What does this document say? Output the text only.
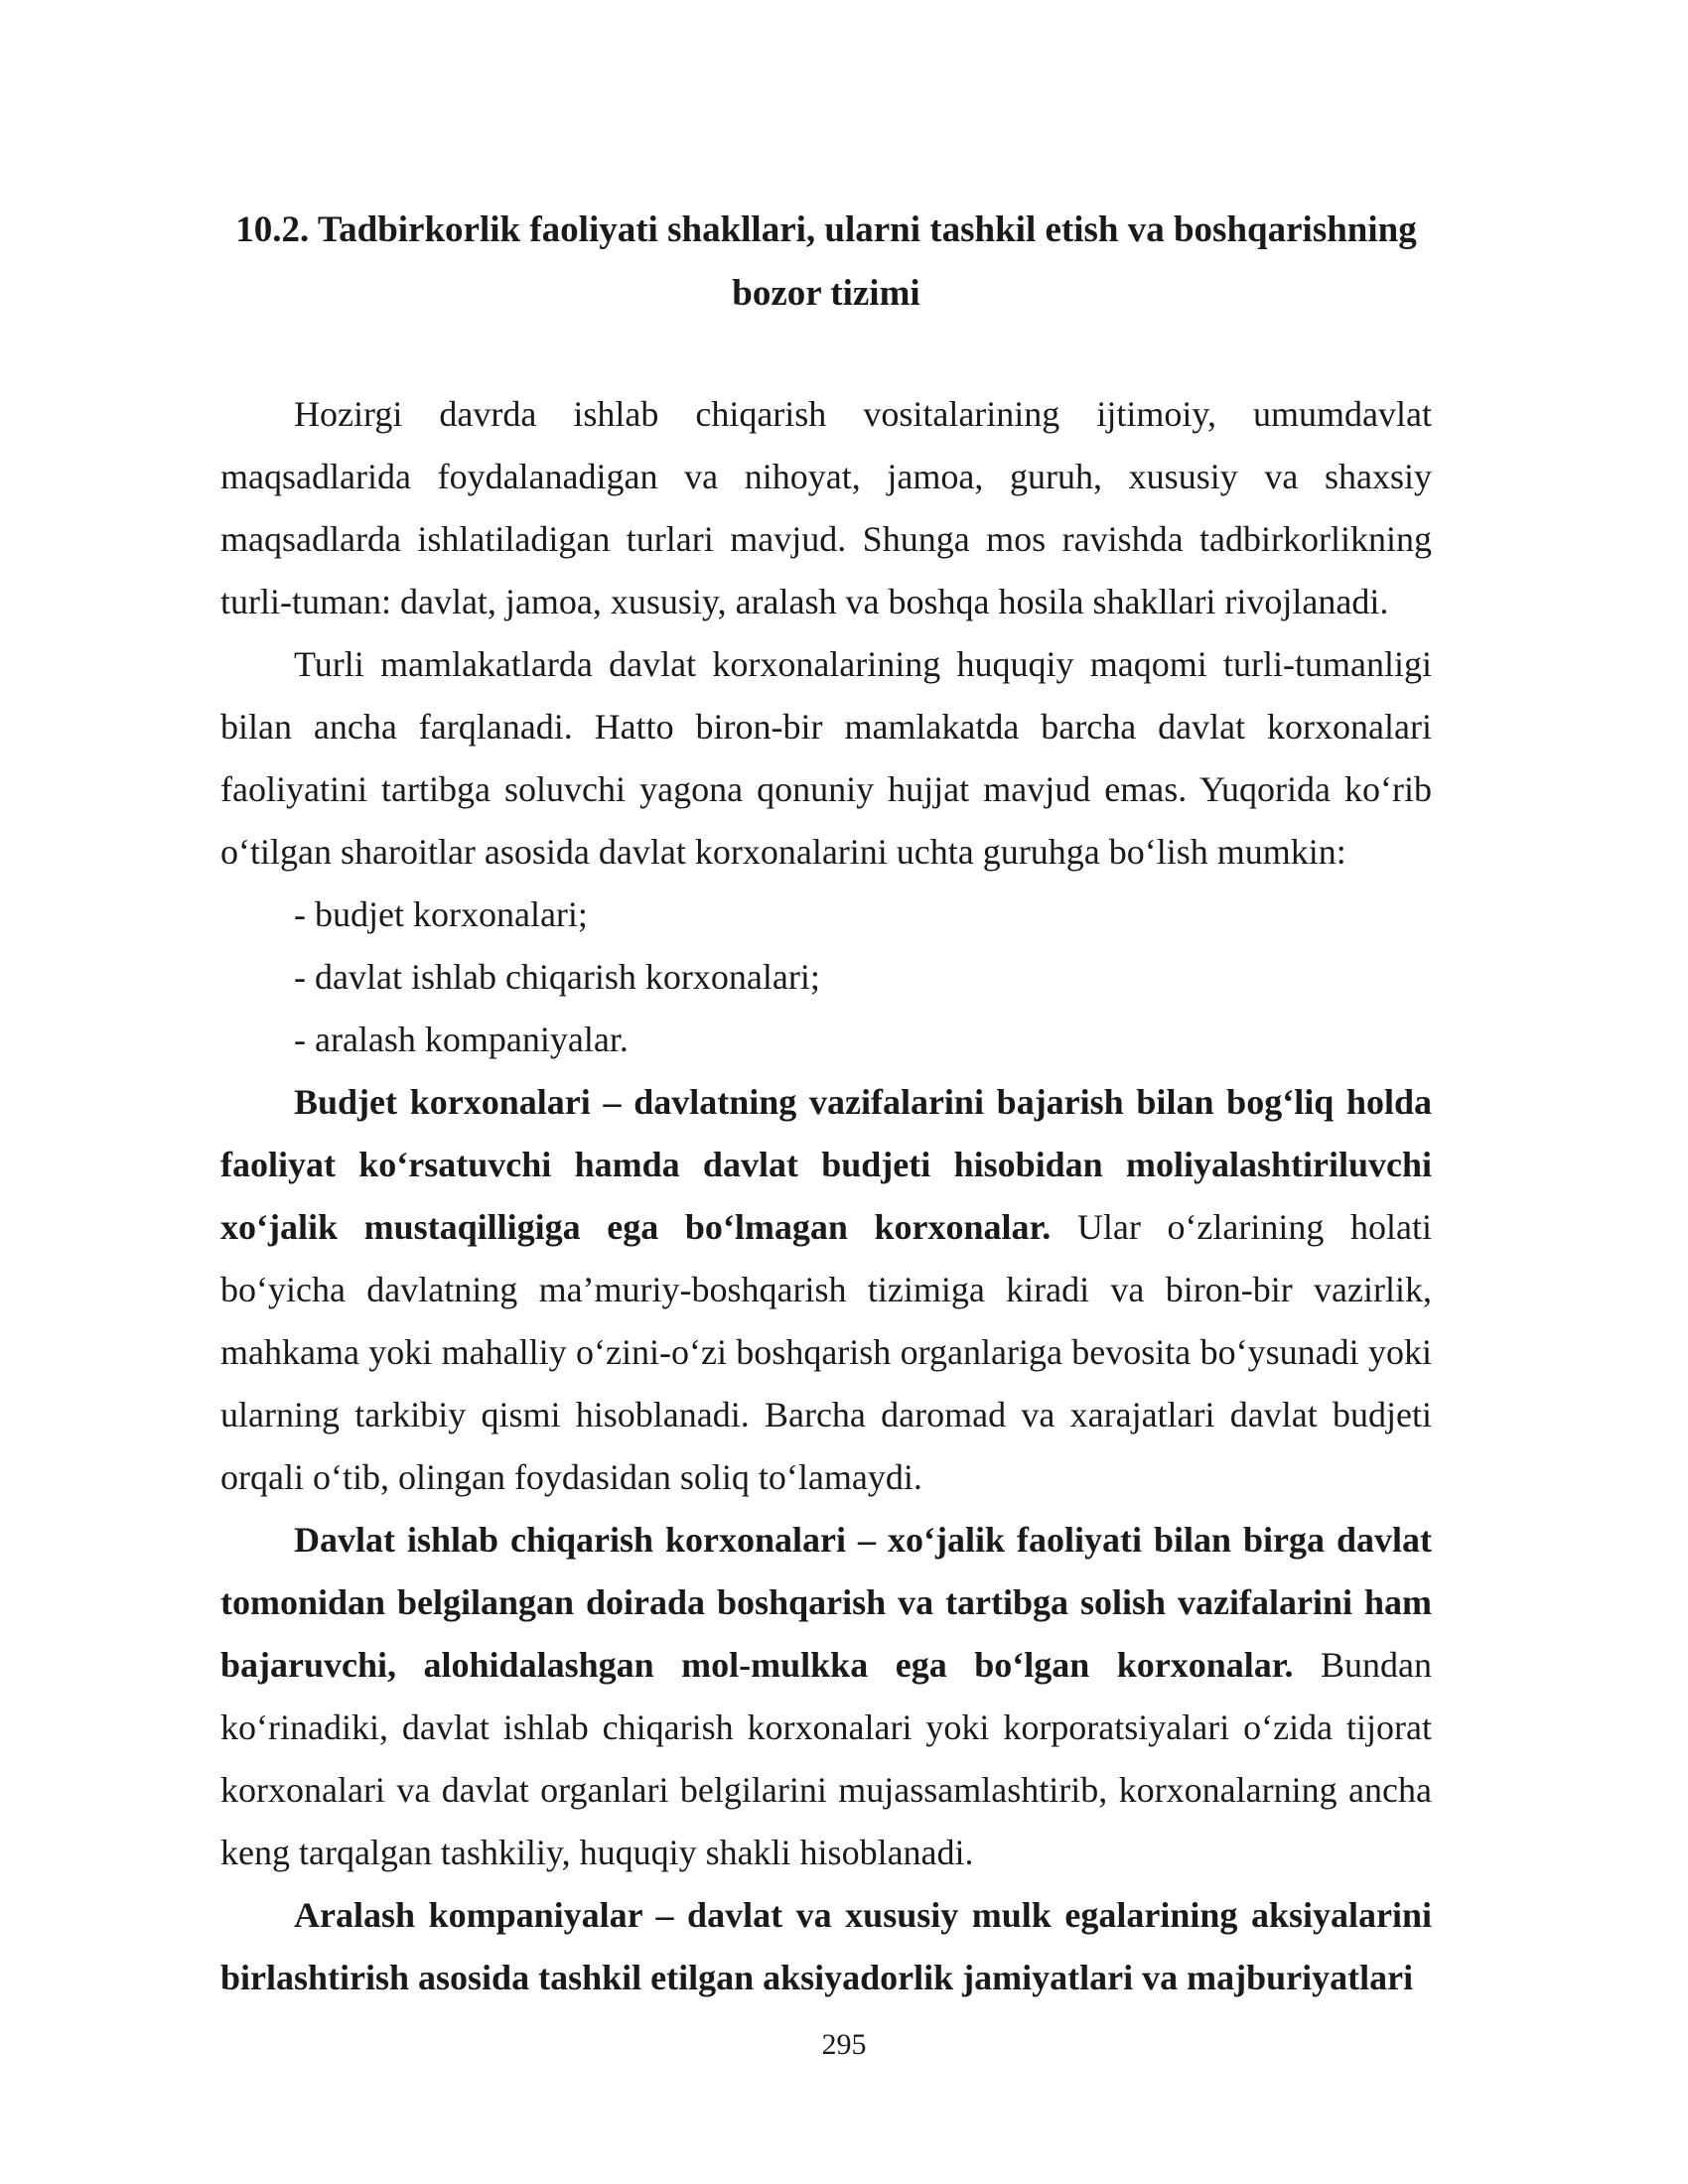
10.2. Tadbirkorlik faoliyati shakllari, ularni tashkil etish va boshqarishning
bozor tizimi

Hozirgi davrda ishlab chiqarish vositalarining ijtimoiy, umumdavlat maqsadlarida foydalanadigan va nihoyat, jamoa, guruh, xususiy va shaxsiy maqsadlarda ishlatiladigan turlari mavjud. Shunga mos ravishda tadbirkorlikning turli-tuman: davlat, jamoa, xususiy, aralash va boshqa hosila shakllari rivojlanadi.

Turli mamlakatlarda davlat korxonalarining huquqiy maqomi turli-tumanligi bilan ancha farqlanadi. Hatto biron-bir mamlakatda barcha davlat korxonalari faoliyatini tartibga soluvchi yagona qonuniy hujjat mavjud emas. Yuqorida ko‘rib o‘tilgan sharoitlar asosida davlat korxonalarini uchta guruhga bo‘lish mumkin:

- budjet korxonalari;
- davlat ishlab chiqarish korxonalari;
- aralash kompaniyalar.

Budjet korxonalari – davlatning vazifalarini bajarish bilan bog‘liq holda faoliyat ko‘rsatuvchi hamda davlat budjeti hisobidan moliyalashtiriluvchi xo‘jalik mustaqilligiga ega bo‘lmagan korxonalar. Ular o‘zlarining holati bo‘yicha davlatning ma’muriy-boshqarish tizimiga kiradi va biron-bir vazirlik, mahkama yoki mahalliy o‘zini-o‘zi boshqarish organlariga bevosita bo‘ysunadi yoki ularning tarkibiy qismi hisoblanadi. Barcha daromad va xarajatlari davlat budjeti orqali o‘tib, olingan foydasidan soliq to‘lamaydi.

Davlat ishlab chiqarish korxonalari – xo‘jalik faoliyati bilan birga davlat tomonidan belgilangan doirada boshqarish va tartibga solish vazifalarini ham bajaruvchi, alohidalashgan mol-mulkka ega bo‘lgan korxonalar. Bundan ko‘rinadiki, davlat ishlab chiqarish korxonalari yoki korporatsiyalari o‘zida tijorat korxonalari va davlat organlari belgilarini mujassamlashtirib, korxonalarning ancha keng tarqalgan tashkiliy, huquqiy shakli hisoblanadi.

Aralash kompaniyalar – davlat va xususiy mulk egalarining aksiyalarini birlashtirish asosida tashkil etilgan aksiyadorlik jamiyatlari va majburiyatlari

295
